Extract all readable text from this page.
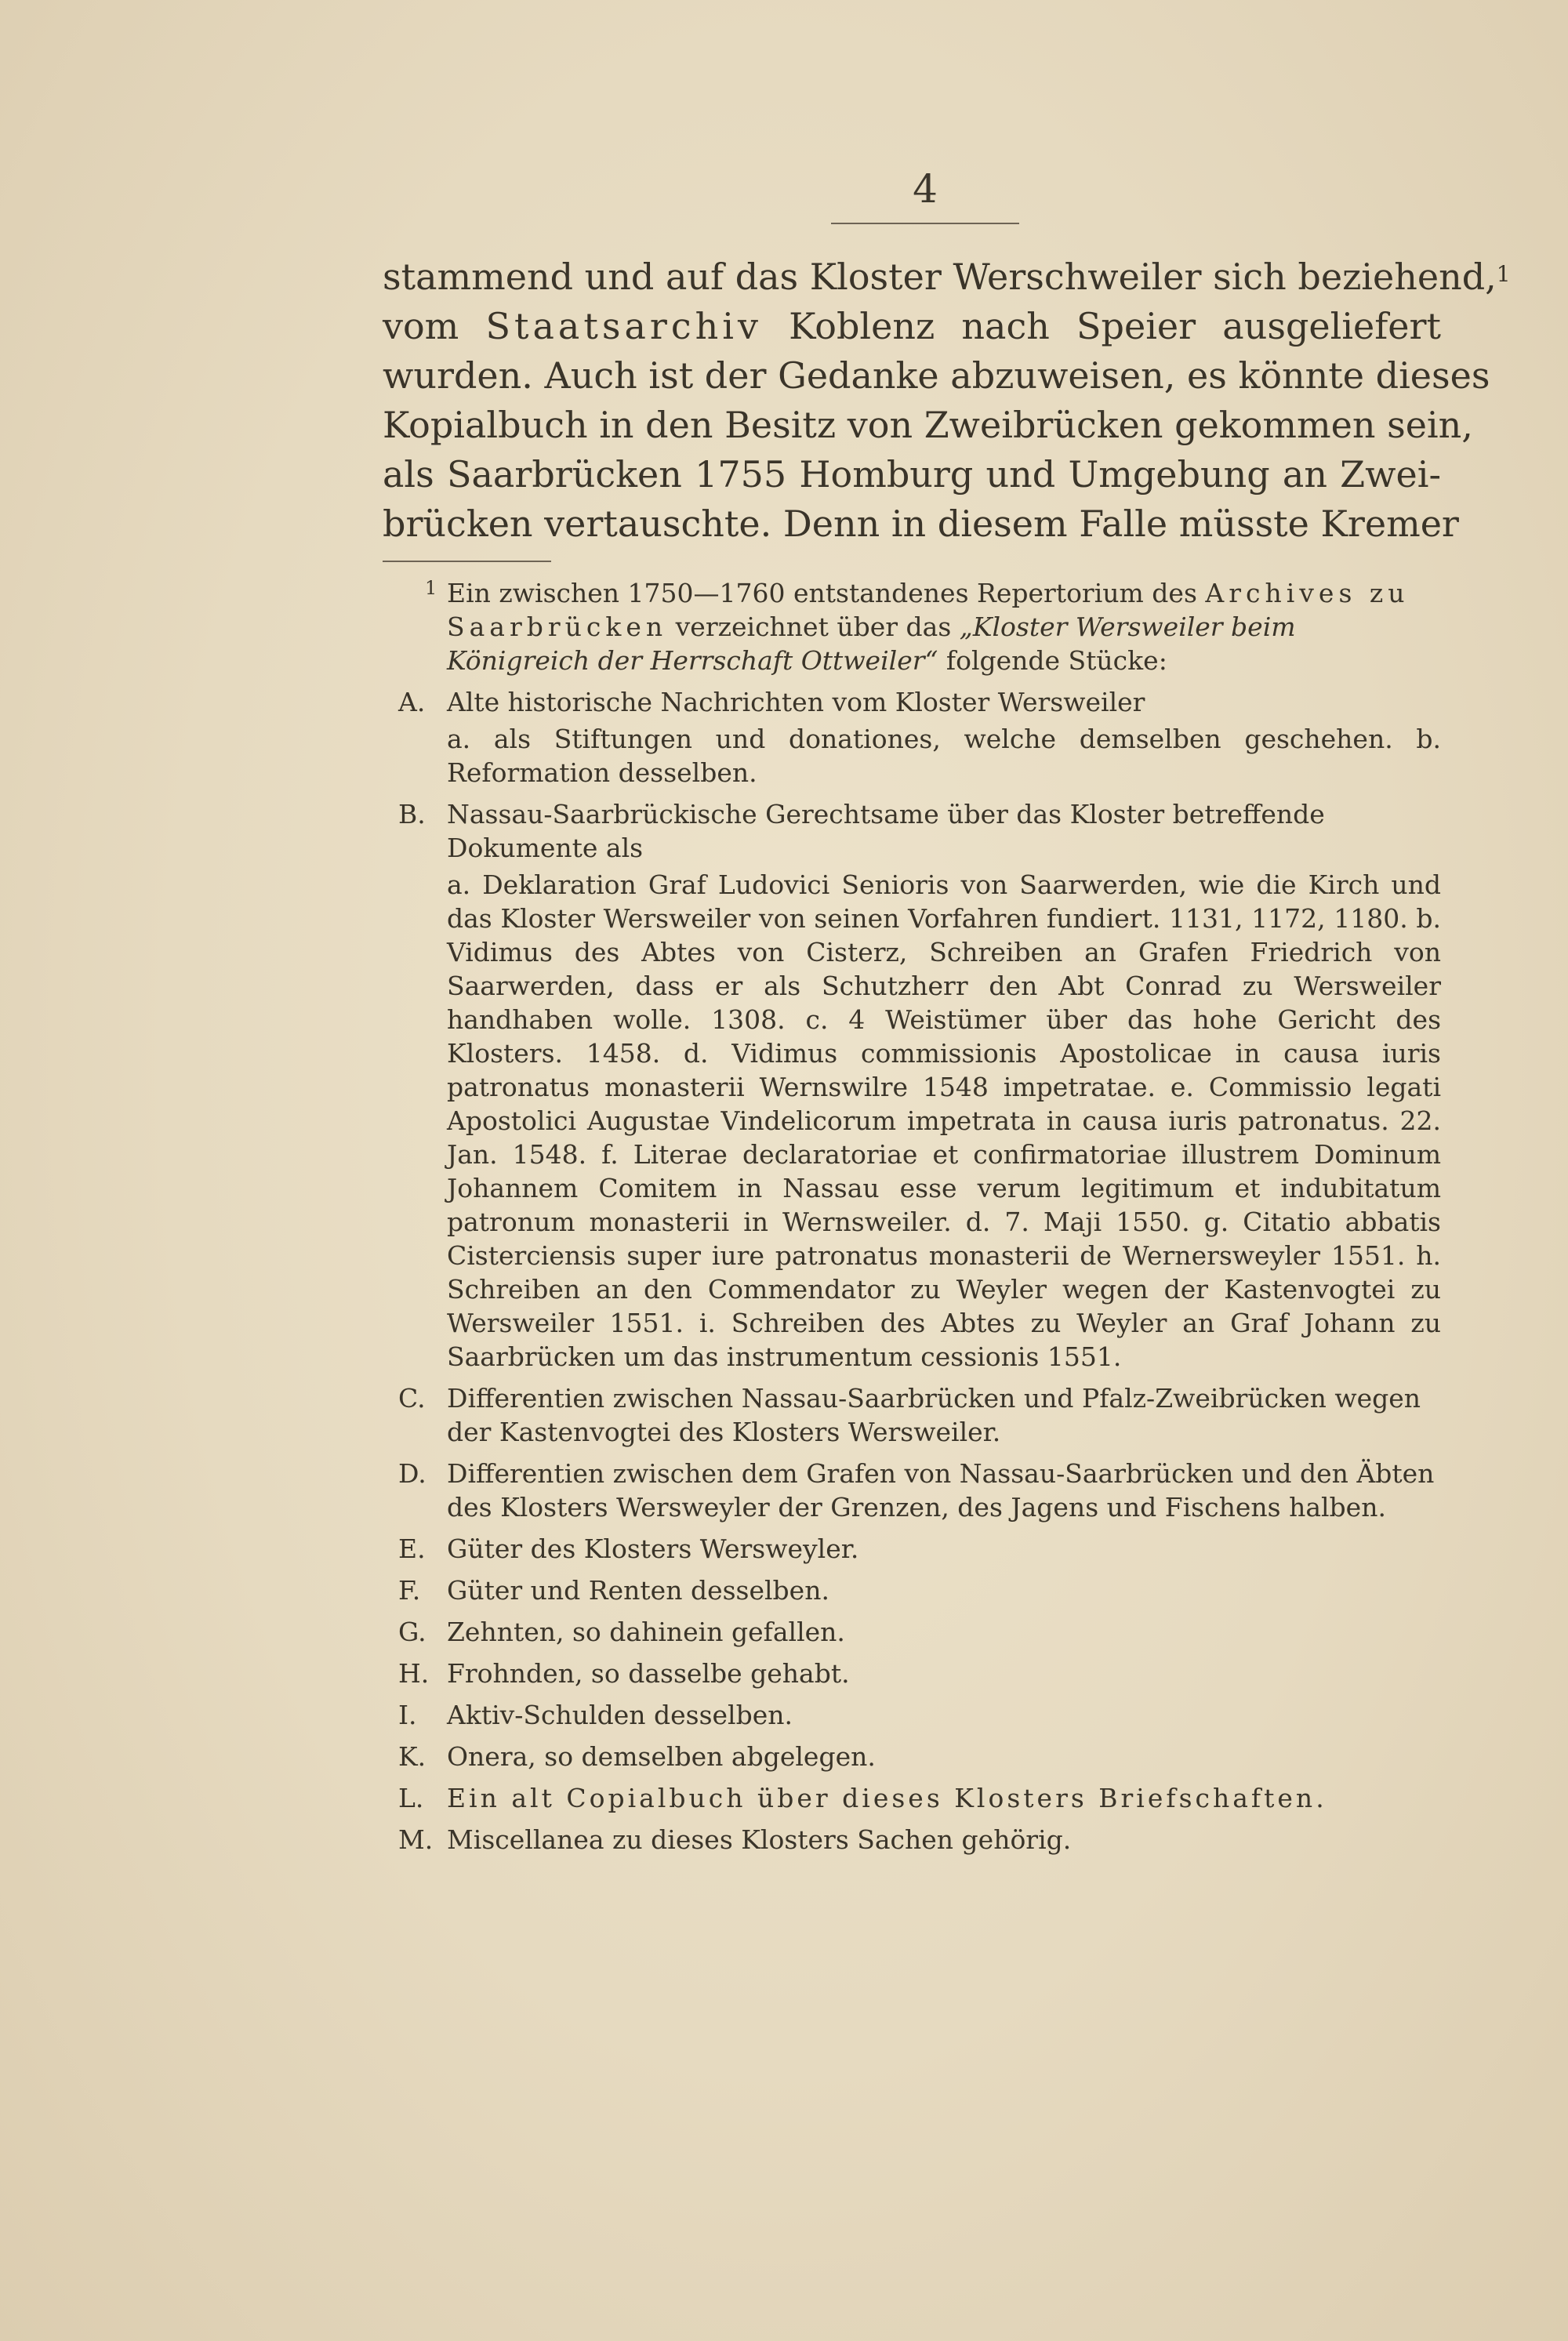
4
stammend und auf das Kloster Werschweiler sich beziehend,$^1$
vom Staatsarchiv Koblenz nach Speier ausgeliefert
wurden. Auch ist der Gedanke abzuweisen, es könnte dieses
Kopialbuch in den Besitz von Zweibrücken gekommen sein,
als Saarbrücken 1755 Homburg und Umgebung an Zwei-
brücken vertauschte. Denn in diesem Falle müsste Kremer
1 Ein zwischen 1750—1760 entstandenes Repertorium des Archives zu Saarbrücken verzeichnet über das „Kloster Wersweiler beim Königreich der Herrschaft Ottweiler“ folgende Stücke:
A. Alte historische Nachrichten vom Kloster Wersweiler
a. als Stiftungen und donationes, welche demselben geschehen. b. Reformation desselben.
B. Nassau-Saarbrückische Gerechtsame über das Kloster betreffende Dokumente als
a. Deklaration Graf Ludovici Senioris von Saarwerden, wie die Kirch und das Kloster Wersweiler von seinen Vorfahren fundiert. 1131, 1172, 1180. b. Vidimus des Abtes von Cisterz, Schreiben an Grafen Friedrich von Saarwerden, dass er als Schutzherr den Abt Conrad zu Wersweiler handhaben wolle. 1308. c. 4 Weistümer über das hohe Gericht des Klosters. 1458. d. Vidimus commissionis Apostolicae in causa iuris patronatus monasterii Wernswilre 1548 impetratae. e. Commissio legati Apostolici Augustae Vindelicorum impetrata in causa iuris patronatus. 22. Jan. 1548. f. Literae declaratoriae et confirmatoriae illustrem Dominum Johannem Comitem in Nassau esse verum legitimum et indubitatum patronum monasterii in Wernsweiler. d. 7. Maji 1550. g. Citatio abbatis Cisterciensis super iure patronatus monasterii de Wernersweyler 1551. h. Schreiben an den Commendator zu Weyler wegen der Kastenvogtei zu Wersweiler 1551. i. Schreiben des Abtes zu Weyler an Graf Johann zu Saarbrücken um das instrumentum cessionis 1551.
C. Differentien zwischen Nassau-Saarbrücken und Pfalz-Zweibrücken wegen der Kastenvogtei des Klosters Wersweiler.
D. Differentien zwischen dem Grafen von Nassau-Saarbrücken und den Äbten des Klosters Wersweyler der Grenzen, des Jagens und Fischens halben.
E. Güter des Klosters Wersweyler.
F.	Güter und Renten desselben.
G. Zehnten, so dahinein gefallen.
H. Frohnden, so dasselbe gehabt.
I.	Aktiv-Schulden desselben.
K. Onera, so demselben abgelegen.
L. Ein alt Copialbuch über dieses Klosters Briefschaften.
M. Miscellanea zu dieses Klosters Sachen gehörig.
